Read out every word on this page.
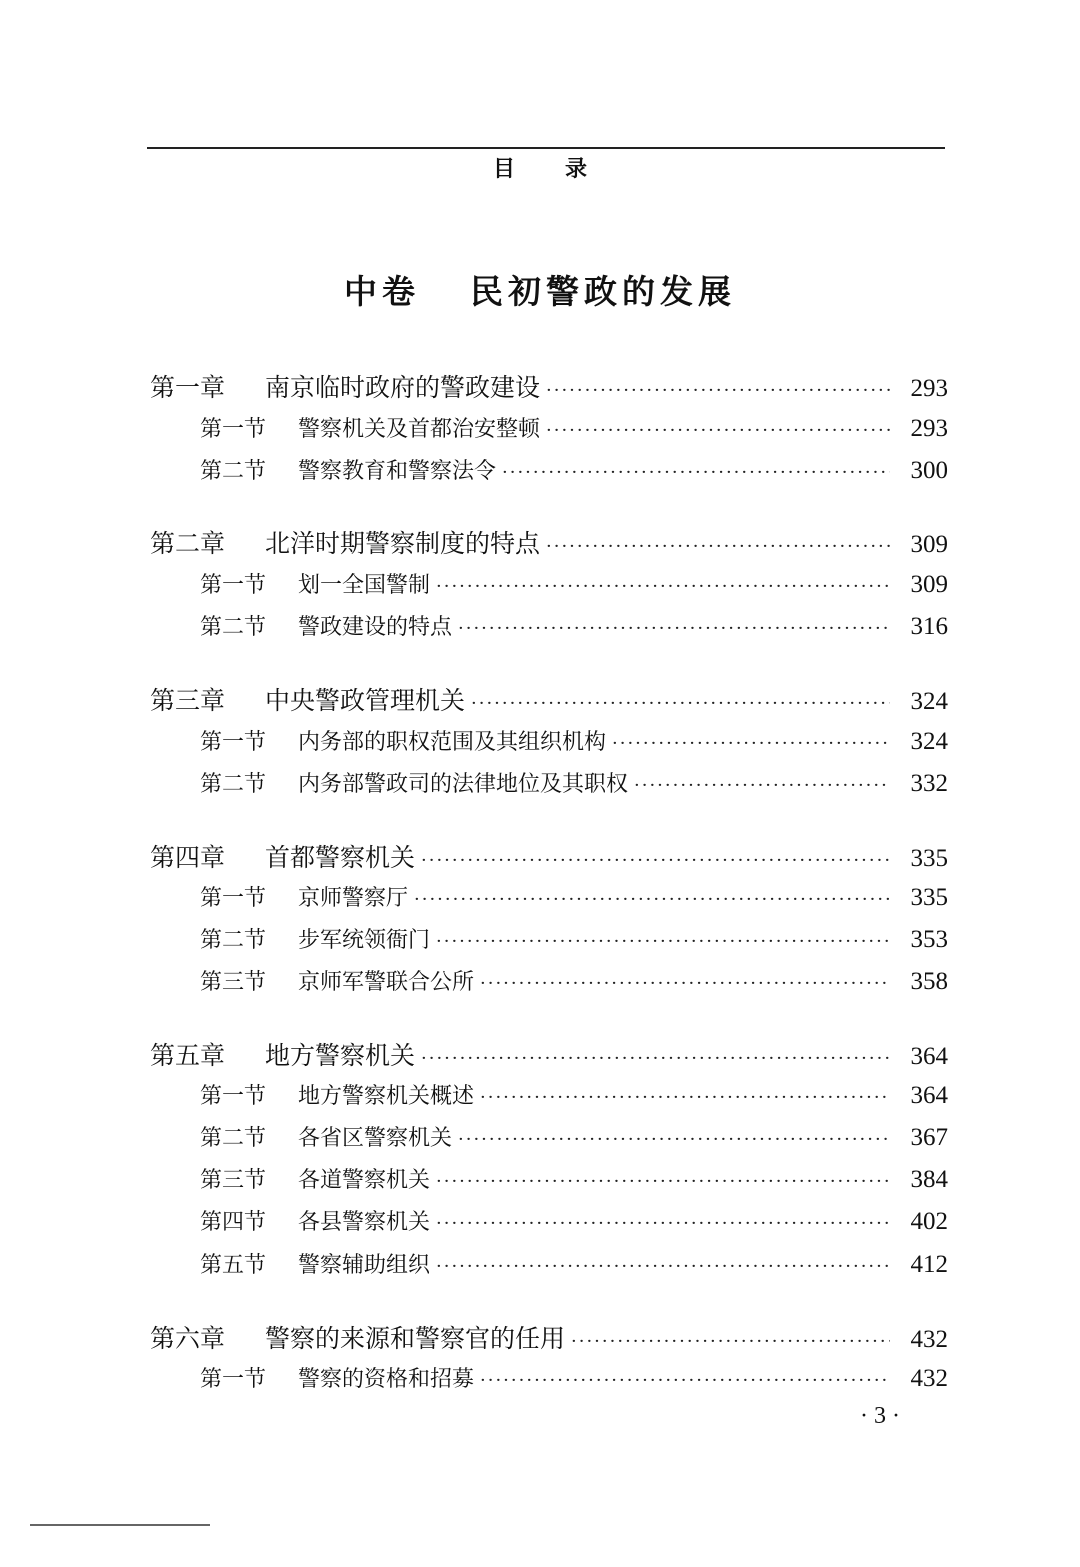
目录
中卷 民初警政的发展
第一章	南京临时政府的警政建设 ·····	293
第一节	警察机关及首都治安整顿 ·····	293
第二节	警察教育和警察法令 ·····	300
第二章	北洋时期警察制度的特点 ·····	309
第一节	划一全国警制 ·····	309
第二节	警政建设的特点 ·····	316
第三章	中央警政管理机关 ·····	324
第一节	内务部的职权范围及其组织机构 ·····	324
第二节	内务部警政司的法律地位及其职权 ·····	332
第四章	首都警察机关 ·····	335
第一节	京师警察厅 ·····	335
第二节	步军统领衙门 ·····	353
第三节	京师军警联合公所 ·····	358
第五章	地方警察机关 ·····	364
第一节	地方警察机关概述 ·····	364
第二节	各省区警察机关 ·····	367
第三节	各道警察机关 ·····	384
第四节	各县警察机关 ·····	402
第五节	警察辅助组织 ·····	412
第六章	警察的来源和警察官的任用 ·····	432
第一节	警察的资格和招募 ·····	432
· 3 ·
